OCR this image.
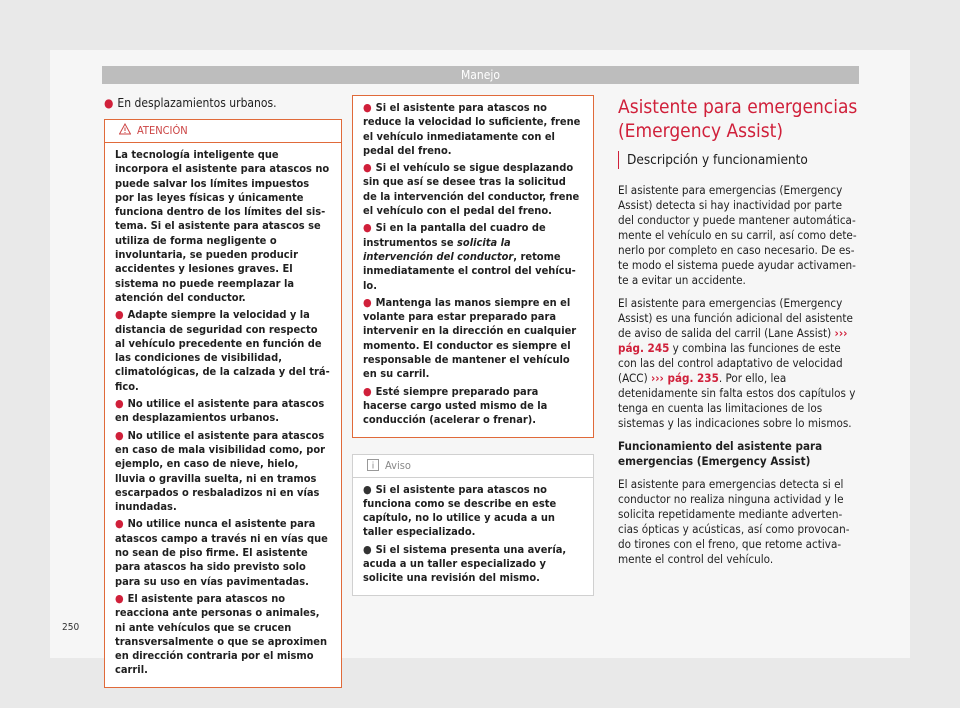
Manejo

● En desplazamientos urbanos.

ATENCIÓN

La tecnología inteligente que incorpora el asistente para atascos no puede salvar los límites impuestos por las leyes físicas y únicamente funciona dentro de los límites del sistema. Si el asistente para atascos se utiliza de forma negligente o involuntaria, se pueden producir accidentes y lesiones graves. El sistema no puede reemplazar la atención del conductor.

● Adapte siempre la velocidad y la distancia de seguridad con respecto al vehículo precedente en función de las condiciones de visibilidad, climatológicas, de la calzada y del tráfico.

● No utilice el asistente para atascos en desplazamientos urbanos.

● No utilice el asistente para atascos en caso de mala visibilidad como, por ejemplo, en caso de nieve, hielo, lluvia o gravilla suelta, ni en tramos escarpados o resbaladizos ni en vías inundadas.

● No utilice nunca el asistente para atascos campo a través ni en vías que no sean de piso firme. El asistente para atascos ha sido previsto solo para su uso en vías pavimentadas.

● El asistente para atascos no reacciona ante personas o animales, ni ante vehículos que se crucen transversalmente o que se aproximen en dirección contraria por el mismo carril.

● Si el asistente para atascos no reduce la velocidad lo suficiente, frene el vehículo inmediatamente con el pedal del freno.

● Si el vehículo se sigue desplazando sin que así se desee tras la solicitud de la intervención del conductor, frene el vehículo con el pedal del freno.

● Si en la pantalla del cuadro de instrumentos se solicita la intervención del conductor, retome inmediatamente el control del vehículo.

● Mantenga las manos siempre en el volante para estar preparado para intervenir en la dirección en cualquier momento. El conductor es siempre el responsable de mantener el vehículo en su carril.

● Esté siempre preparado para hacerse cargo usted mismo de la conducción (acelerar o frenar).

Aviso

● Si el asistente para atascos no funciona como se describe en este capítulo, no lo utilice y acuda a un taller especializado.

● Si el sistema presenta una avería, acuda a un taller especializado y solicite una revisión del mismo.

Asistente para emergencias (Emergency Assist)
Descripción y funcionamiento

El asistente para emergencias (Emergency Assist) detecta si hay inactividad por parte del conductor y puede mantener automáticamente el vehículo en su carril, así como detenerlo por completo en caso necesario. De este modo el sistema puede ayudar activamente a evitar un accidente.

El asistente para emergencias (Emergency Assist) es una función adicional del asistente de aviso de salida del carril (Lane Assist) ››› pág. 245 y combina las funciones de este con las del control adaptativo de velocidad (ACC) ››› pág. 235. Por ello, lea detenidamente sin falta estos dos capítulos y tenga en cuenta las limitaciones de los sistemas y las indicaciones sobre lo mismos.

Funcionamiento del asistente para emergencias (Emergency Assist)

El asistente para emergencias detecta si el conductor no realiza ninguna actividad y le solicita repetidamente mediante advertencias ópticas y acústicas, así como provocando tirones con el freno, que retome activamente el control del vehículo.

250
